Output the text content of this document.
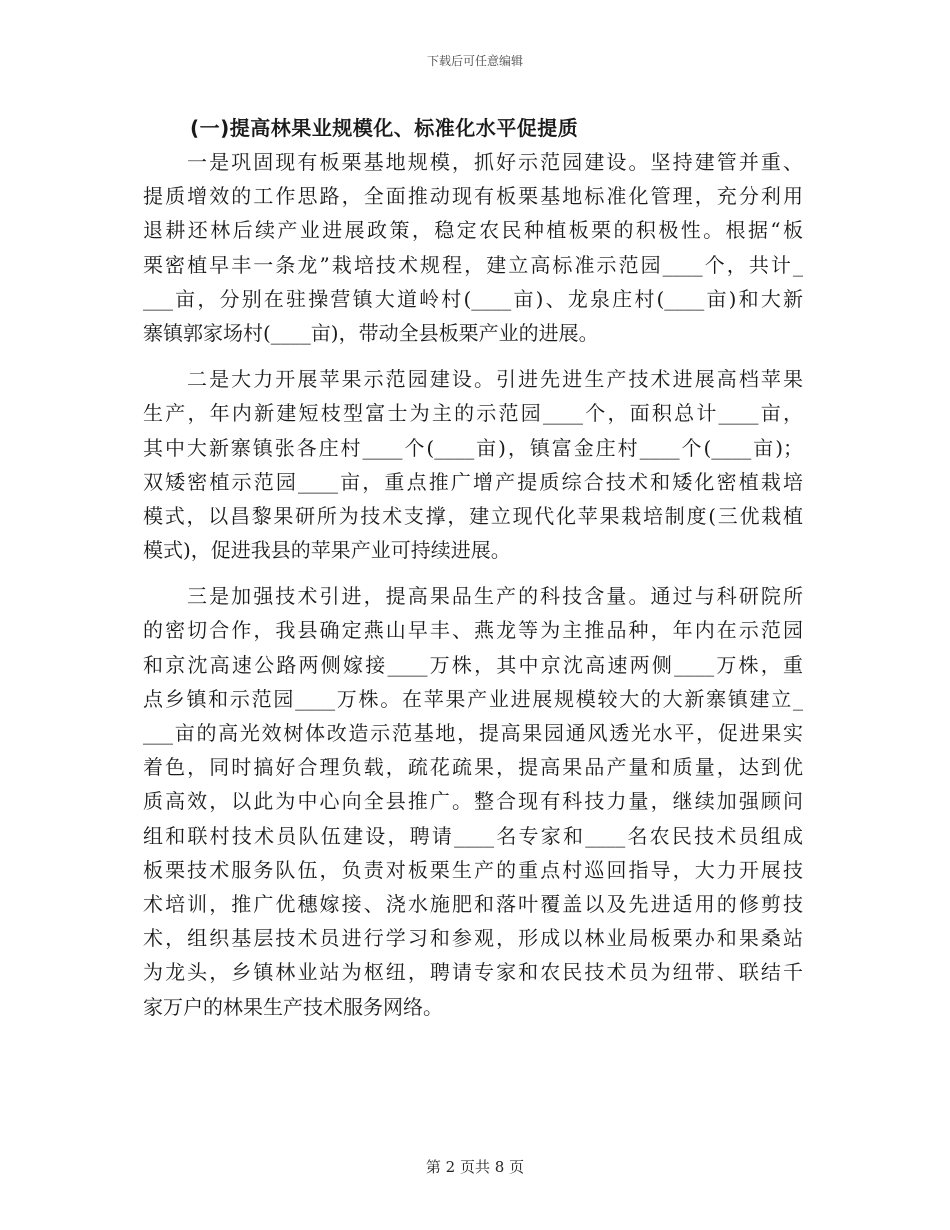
下载后可任意编辑
(一)提高林果业规模化、标准化水平促提质
一是巩固现有板栗基地规模，抓好示范园建设。坚持建管并重、
提质增效的工作思路，全面推动现有板栗基地标准化管理，充分利用
退耕还林后续产业进展政策，稳定农民种植板栗的积极性。根据“板
栗密植早丰一条龙”栽培技术规程，建立高标准示范园____个，共计_
___亩，分别在驻操营镇大道岭村(____亩)、龙泉庄村(____亩)和大新
寨镇郭家场村(____亩)，带动全县板栗产业的进展。
二是大力开展苹果示范园建设。引进先进生产技术进展高档苹果
生产，年内新建短枝型富士为主的示范园____个，面积总计____亩，
其中大新寨镇张各庄村____个(____亩)，镇富金庄村____个(____亩)；
双矮密植示范园____亩，重点推广增产提质综合技术和矮化密植栽培
模式，以昌黎果研所为技术支撑，建立现代化苹果栽培制度(三优栽植
模式)，促进我县的苹果产业可持续进展。
三是加强技术引进，提高果品生产的科技含量。通过与科研院所
的密切合作，我县确定燕山早丰、燕龙等为主推品种，年内在示范园
和京沈高速公路两侧嫁接____万株，其中京沈高速两侧____万株，重
点乡镇和示范园____万株。在苹果产业进展规模较大的大新寨镇建立_
___亩的高光效树体改造示范基地，提高果园通风透光水平，促进果实
着色，同时搞好合理负载，疏花疏果，提高果品产量和质量，达到优
质高效，以此为中心向全县推广。整合现有科技力量，继续加强顾问
组和联村技术员队伍建设，聘请____名专家和____名农民技术员组成
板栗技术服务队伍，负责对板栗生产的重点村巡回指导，大力开展技
术培训，推广优穗嫁接、浇水施肥和落叶覆盖以及先进适用的修剪技
术，组织基层技术员进行学习和参观，形成以林业局板栗办和果桑站
为龙头，乡镇林业站为枢纽，聘请专家和农民技术员为纽带、联结千
家万户的林果生产技术服务网络。
第 2 页共 8 页
